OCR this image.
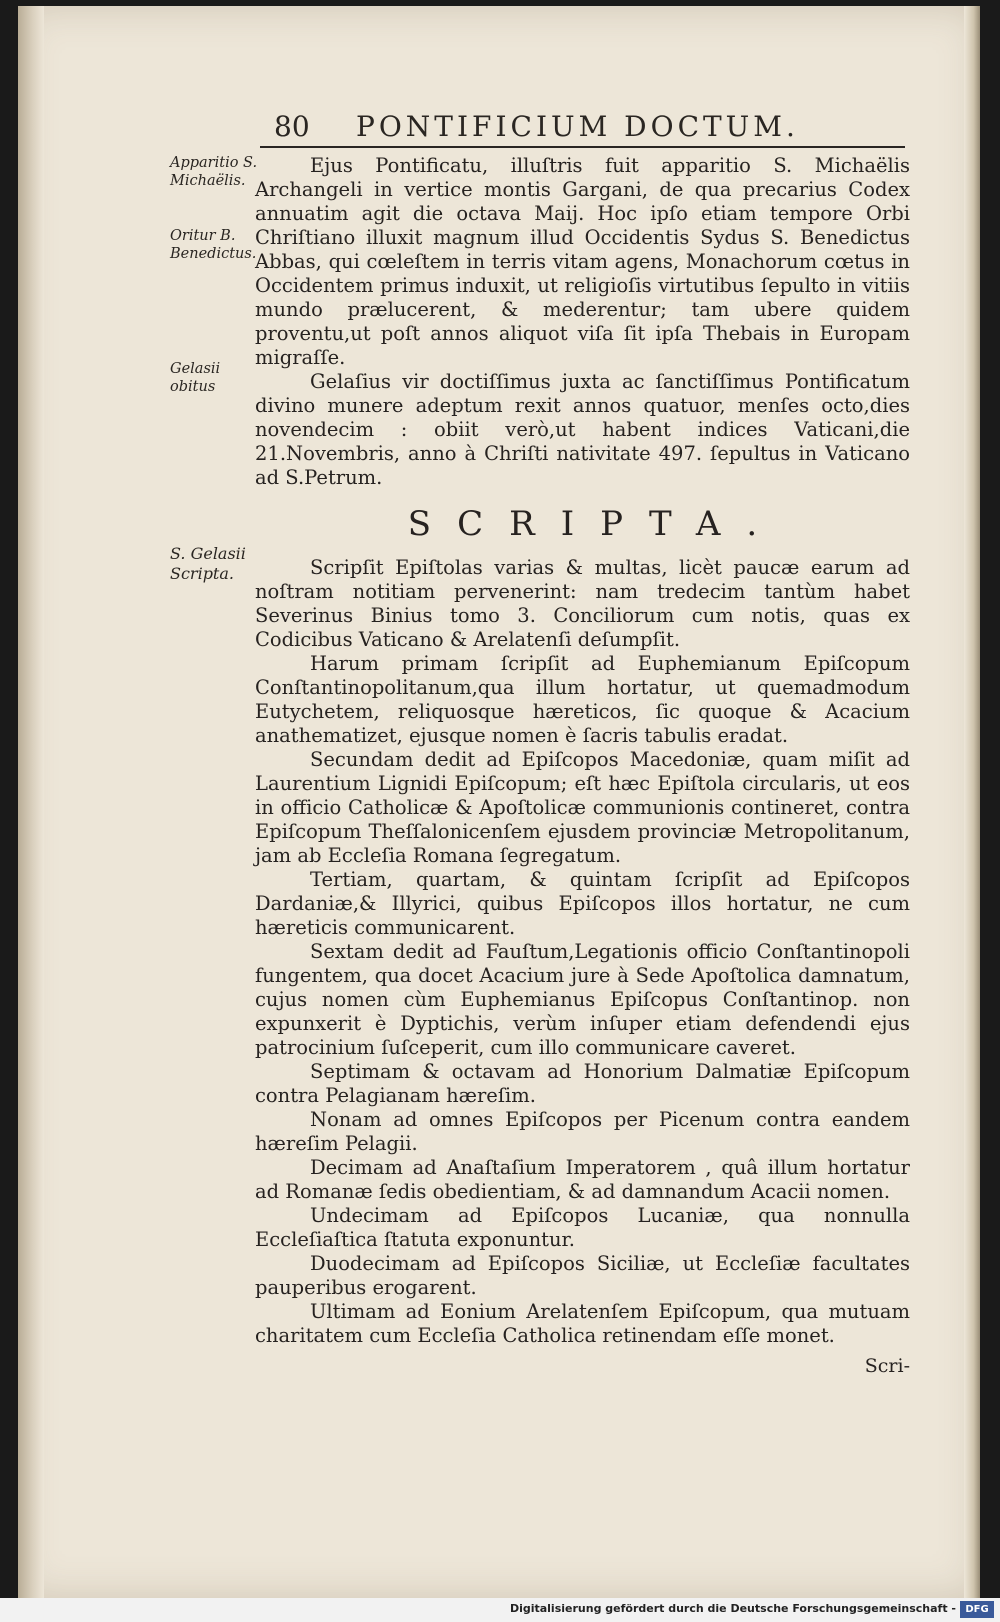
80 PONTIFICIUM DOCTUM.
Apparitio S. Michaëlis.
Oritur B. Benedictus.
Gelasii obitus
S. Gelasii Scripta.

Ejus Pontificatu, illuſtris fuit apparitio S. Michaëlis Archangeli in vertice montis Gargani, de qua precarius Codex annuatim agit die octava Maij. Hoc ipſo etiam tempore Orbi Chriſtiano illuxit magnum illud Occidentis Sydus S. Benedictus Abbas, qui cœleſtem in terris vitam agens, Monachorum cœtus in Occidentem primus induxit, ut religioſis virtutibus ſepulto in vitiis mundo prælucerent, & mederentur; tam ubere quidem proventu,ut poſt annos aliquot viſa ſit ipſa Thebais in Europam migraſſe.

Gelaſius vir doctiſſimus juxta ac ſanctiſſimus Pontificatum divino munere adeptum rexit annos quatuor, menſes octo,dies novendecim : obiit verò,ut habent indices Vaticani,die 21.Novembris, anno à Chriſti nativitate 497. ſepultus in Vaticano ad S.Petrum.

SCRIPTA.

Scripſit Epiſtolas varias & multas, licèt paucæ earum ad noſtram notitiam pervenerint: nam tredecim tantùm habet Severinus Binius tomo 3. Conciliorum cum notis, quas ex Codicibus Vaticano & Arelatenſi deſumpſit.

Harum primam ſcripſit ad Euphemianum Epiſcopum Conſtantinopolitanum,qua illum hortatur, ut quemadmodum Eutychetem, reliquosque hæreticos, ſic quoque & Acacium anathematizet, ejusque nomen è ſacris tabulis eradat.

Secundam dedit ad Epiſcopos Macedoniæ, quam miſit ad Laurentium Lignidi Epiſcopum; eſt hæc Epiſtola circularis, ut eos in officio Catholicæ & Apoſtolicæ communionis contineret, contra Epiſcopum Theſſalonicenſem ejusdem provinciæ Metropolitanum, jam ab Eccleſia Romana ſegregatum.

Tertiam, quartam, & quintam ſcripſit ad Epiſcopos Dardaniæ,& Illyrici, quibus Epiſcopos illos hortatur, ne cum hæreticis communicarent.

Sextam dedit ad Fauſtum,Legationis officio Conſtantinopoli fungentem, qua docet Acacium jure à Sede Apoſtolica damnatum, cujus nomen cùm Euphemianus Epiſcopus Conſtantinop. non expunxerit è Dyptichis, verùm inſuper etiam defendendi ejus patrocinium ſuſceperit, cum illo communicare caveret.

Septimam & octavam ad Honorium Dalmatiæ Epiſcopum contra Pelagianam hæreſim.

Nonam ad omnes Epiſcopos per Picenum contra eandem hæreſim Pelagii.

Decimam ad Anaſtaſium Imperatorem , quâ illum hortatur ad Romanæ ſedis obedientiam, & ad damnandum Acacii nomen.

Undecimam ad Epiſcopos Lucaniæ, qua nonnulla Eccleſiaſtica ſtatuta exponuntur.

Duodecimam ad Epiſcopos Siciliæ, ut Eccleſiæ facultates pauperibus erogarent.

Ultimam ad Eonium Arelatenſem Epiſcopum, qua mutuam charitatem cum Eccleſia Catholica retinendam eſſe monet.

Scri-
Digitalisierung gefördert durch die Deutsche Forschungsgemeinschaft - DFG
